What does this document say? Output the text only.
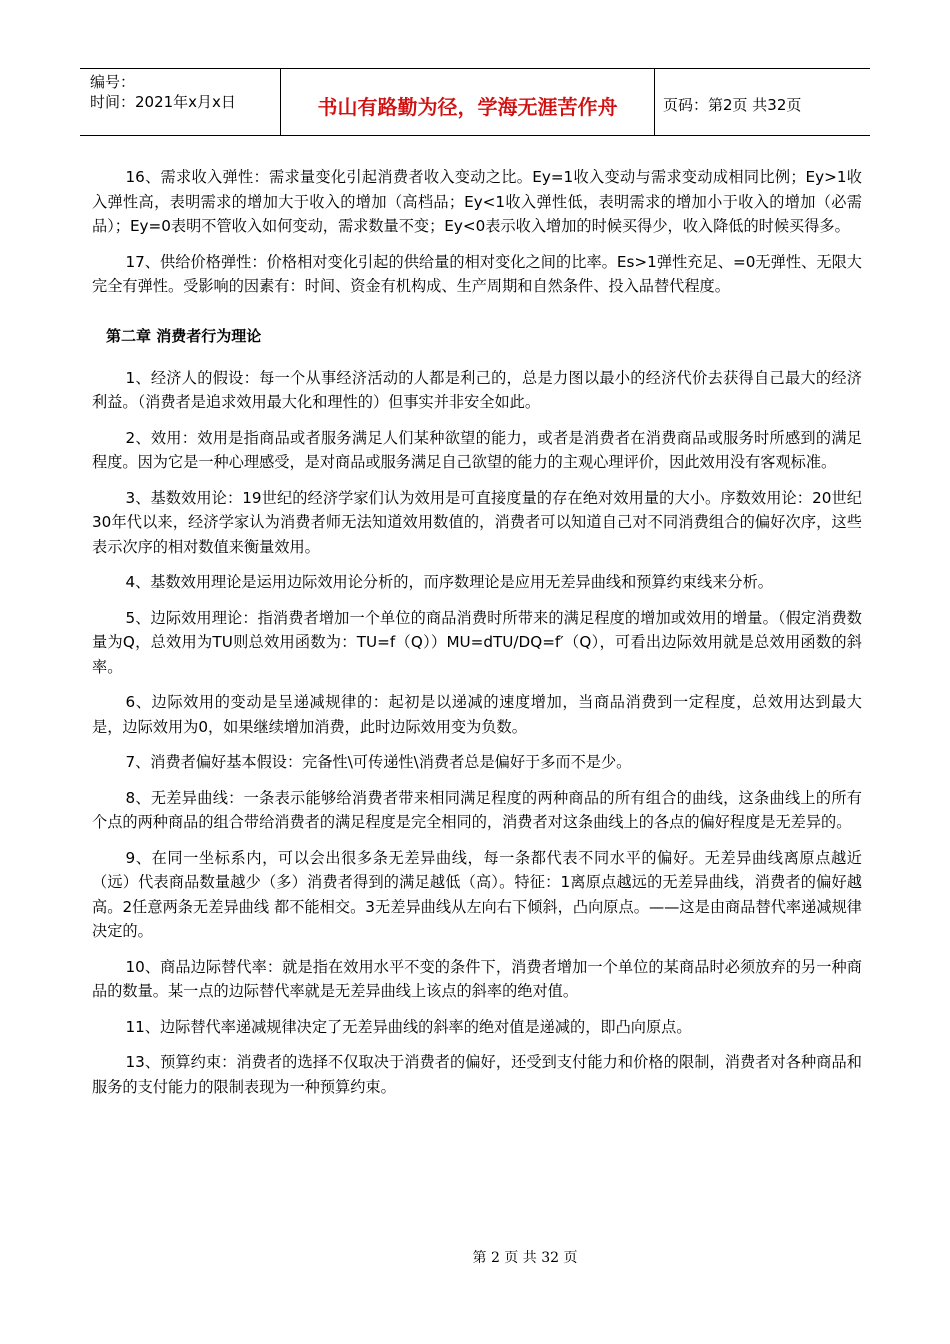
编号：
时间：2021年x月x日	书山有路勤为径，学海无涯苦作舟	页码：第2页 共32页

16、需求收入弹性：需求量变化引起消费者收入变动之比。Ey=1收入变动与需求变动成相同比例；Ey>1收入弹性高，表明需求的增加大于收入的增加（高档品；Ey<1收入弹性低，表明需求的增加小于收入的增加（必需品）；Ey=0表明不管收入如何变动，需求数量不变；Ey<0表示收入增加的时候买得少，收入降低的时候买得多。

17、供给价格弹性：价格相对变化引起的供给量的相对变化之间的比率。Es>1弹性充足、=0无弹性、无限大完全有弹性。受影响的因素有：时间、资金有机构成、生产周期和自然条件、投入品替代程度。

第二章 消费者行为理论

1、经济人的假设：每一个从事经济活动的人都是利己的，总是力图以最小的经济代价去获得自己最大的经济利益。（消费者是追求效用最大化和理性的）但事实并非安全如此。

2、效用：效用是指商品或者服务满足人们某种欲望的能力，或者是消费者在消费商品或服务时所感到的满足程度。因为它是一种心理感受，是对商品或服务满足自己欲望的能力的主观心理评价，因此效用没有客观标准。

3、基数效用论：19世纪的经济学家们认为效用是可直接度量的存在绝对效用量的大小。序数效用论：20世纪30年代以来，经济学家认为消费者师无法知道效用数值的，消费者可以知道自己对不同消费组合的偏好次序，这些表示次序的相对数值来衡量效用。

4、基数效用理论是运用边际效用论分析的，而序数理论是应用无差异曲线和预算约束线来分析。

5、边际效用理论：指消费者增加一个单位的商品消费时所带来的满足程度的增加或效用的增量。（假定消费数量为Q，总效用为TU则总效用函数为：TU=f（Q））MU=dTU/DQ=f′（Q），可看出边际效用就是总效用函数的斜率。

6、边际效用的变动是呈递减规律的：起初是以递减的速度增加，当商品消费到一定程度，总效用达到最大是，边际效用为0，如果继续增加消费，此时边际效用变为负数。

7、消费者偏好基本假设：完备性\可传递性\消费者总是偏好于多而不是少。

8、无差异曲线：一条表示能够给消费者带来相同满足程度的两种商品的所有组合的曲线，这条曲线上的所有个点的两种商品的组合带给消费者的满足程度是完全相同的，消费者对这条曲线上的各点的偏好程度是无差异的。

9、在同一坐标系内，可以会出很多条无差异曲线，每一条都代表不同水平的偏好。无差异曲线离原点越近（远）代表商品数量越少（多）消费者得到的满足越低（高）。特征：1离原点越远的无差异曲线，消费者的偏好越高。2任意两条无差异曲线 都不能相交。3无差异曲线从左向右下倾斜，凸向原点。——这是由商品替代率递减规律决定的。

10、商品边际替代率：就是指在效用水平不变的条件下，消费者增加一个单位的某商品时必须放弃的另一种商品的数量。某一点的边际替代率就是无差异曲线上该点的斜率的绝对值。

11、边际替代率递减规律决定了无差异曲线的斜率的绝对值是递减的，即凸向原点。

13、预算约束：消费者的选择不仅取决于消费者的偏好，还受到支付能力和价格的限制，消费者对各种商品和服务的支付能力的限制表现为一种预算约束。

第 2 页 共 32 页
